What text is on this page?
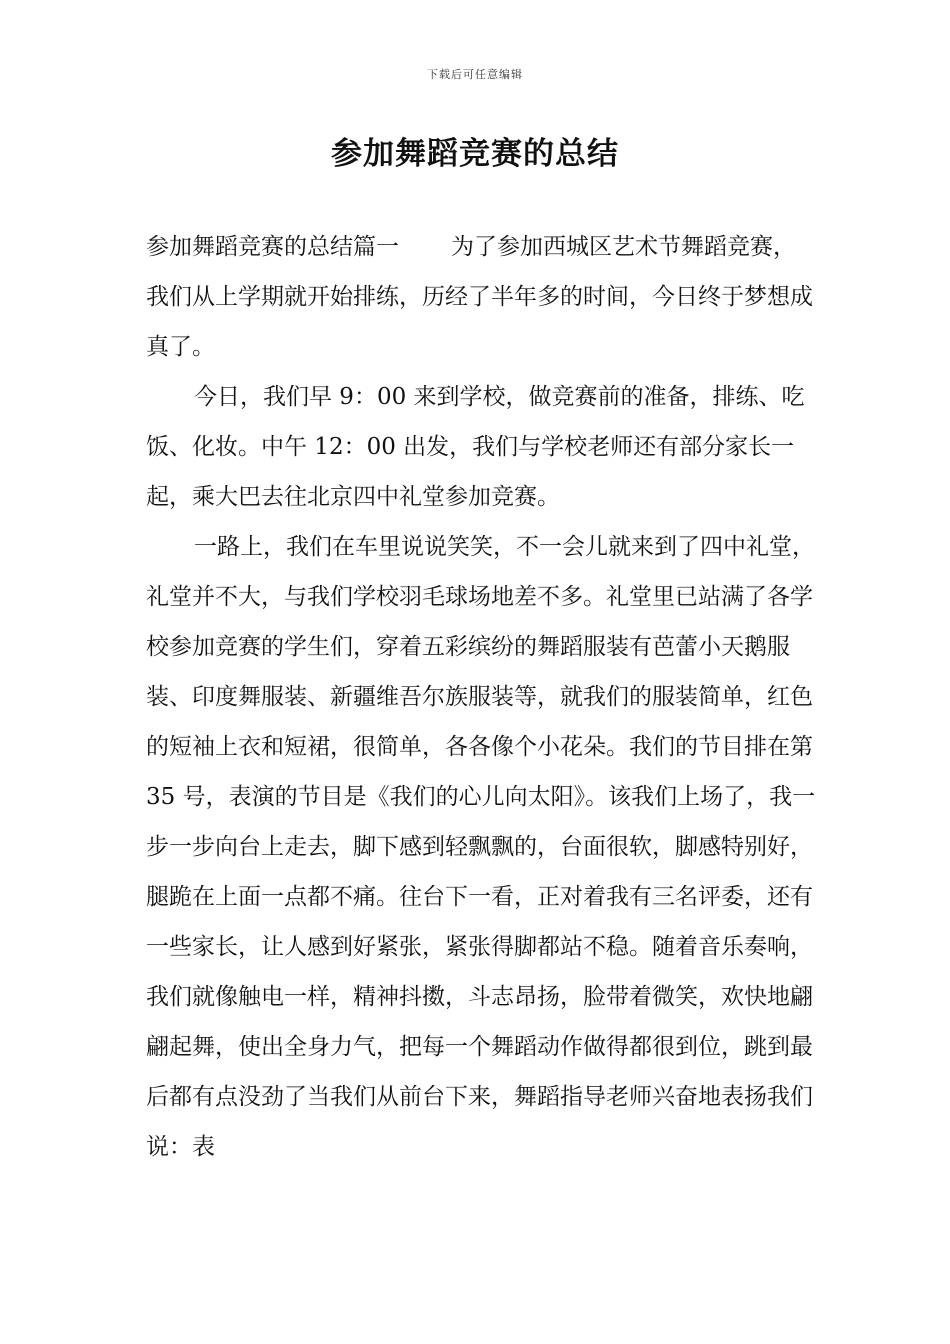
下载后可任意编辑
参加舞蹈竞赛的总结

参加舞蹈竞赛的总结篇一 为了参加西城区艺术节舞蹈竞赛，我们从上学期就开始排练，历经了半年多的时间，今日终于梦想成真了。

今日，我们早 9：00 来到学校，做竞赛前的准备，排练、吃饭、化妆。中午 12：00 出发，我们与学校老师还有部分家长一起，乘大巴去往北京四中礼堂参加竞赛。

一路上，我们在车里说说笑笑，不一会儿就来到了四中礼堂，礼堂并不大，与我们学校羽毛球场地差不多。礼堂里已站满了各学校参加竞赛的学生们，穿着五彩缤纷的舞蹈服装有芭蕾小天鹅服装、印度舞服装、新疆维吾尔族服装等，就我们的服装简单，红色的短袖上衣和短裙，很简单，各各像个小花朵。我们的节目排在第 35 号，表演的节目是《我们的心儿向太阳》。该我们上场了，我一步一步向台上走去，脚下感到轻飘飘的，台面很软，脚感特别好，腿跪在上面一点都不痛。往台下一看，正对着我有三名评委，还有一些家长，让人感到好紧张，紧张得脚都站不稳。随着音乐奏响，我们就像触电一样，精神抖擞，斗志昂扬，脸带着微笑，欢快地翩翩起舞，使出全身力气，把每一个舞蹈动作做得都很到位，跳到最后都有点没劲了当我们从前台下来，舞蹈指导老师兴奋地表扬我们说：表
